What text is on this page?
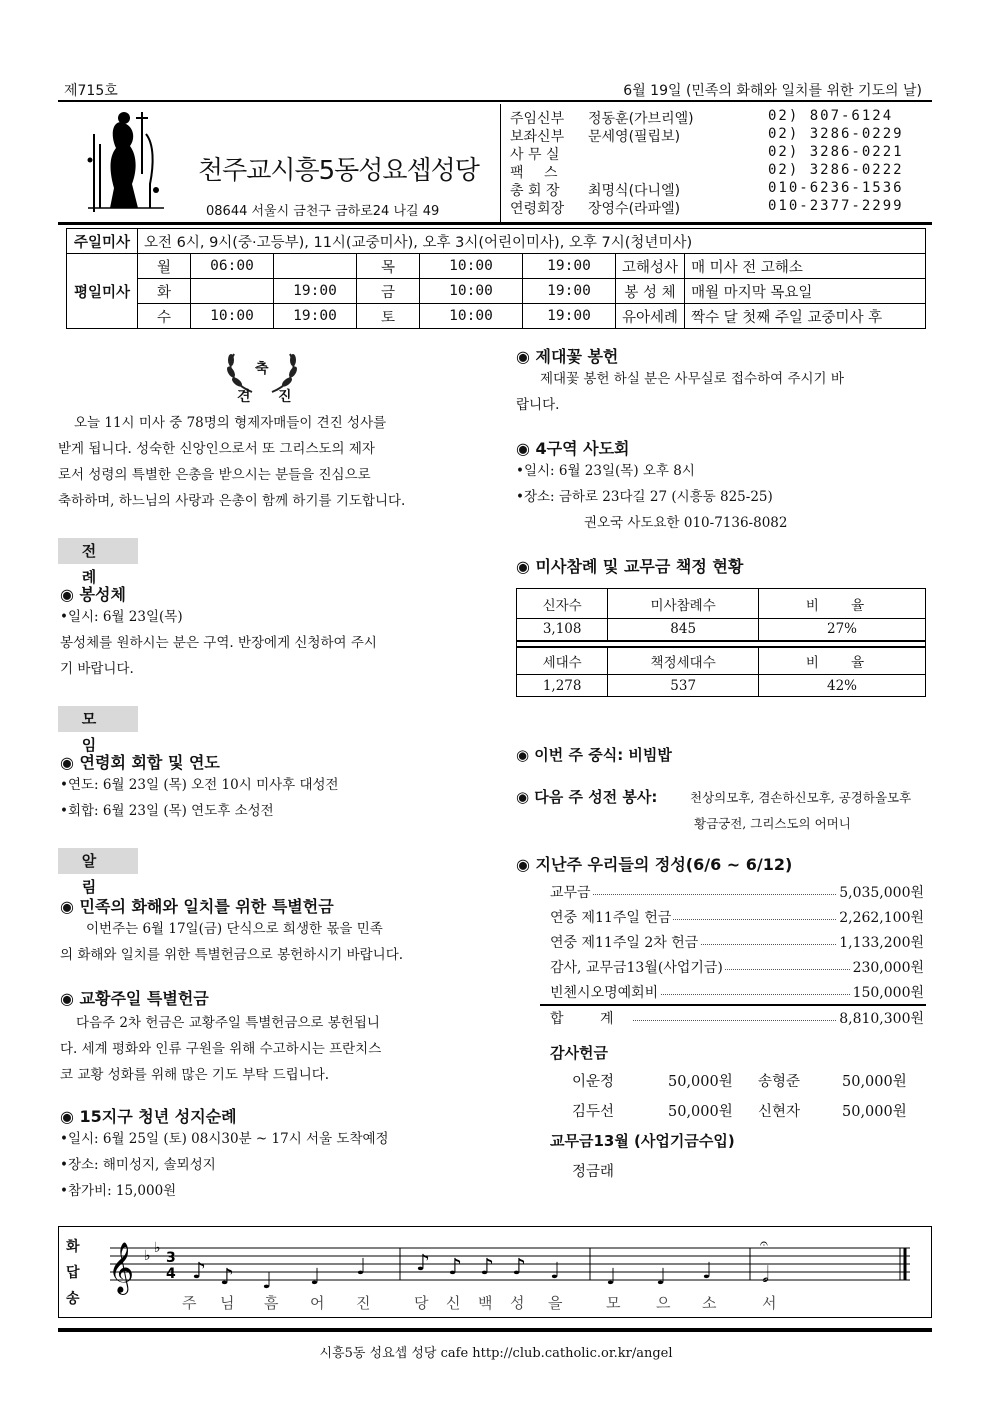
제715호	6월 19일 (민족의 화해와 일치를 위한 기도의 날)
천주교시흥5동성요셉성당
08644 서울시 금천구 금하로24 나길 49
주임신부 정동훈(가브리엘)	02) 807-6124
보좌신부 문세영(필립보)	02) 3286-0229
사 무 실	02) 3286-0221
팩 스	02) 3286-0222
총 회 장 최명식(다니엘)	010-6236-1536
연령회장 장영수(라파엘)	010-2377-2299
주일미사	오전 6시, 9시(중·고등부), 11시(교중미사), 오후 3시(어린이미사), 오후 7시(청년미사)							
평일미사	월	06:00		목	10:00	19:00	고해성사	매 미사 전 고해소
	화		19:00	금	10:00	19:00	봉 성 체	매월 마지막 목요일
	수	10:00	19:00	토	10:00	19:00	유아세례	짝수 달 첫째 주일 교중미사 후
축
견 진
오늘 11시 미사 중 78명의 형제자매들이 견진 성사를
받게 됩니다. 성숙한 신앙인으로서 또 그리스도의 제자
로서 성령의 특별한 은총을 받으시는 분들을 진심으로
축하하며, 하느님의 사랑과 은총이 함께 하기를 기도합니다.
전 례
◉ 봉성체
•일시: 6월 23일(목)
봉성체를 원하시는 분은 구역. 반장에게 신청하여 주시
기 바랍니다.
모 임
◉ 연령회 회합 및 연도
•연도: 6월 23일 (목) 오전 10시 미사후 대성전
•회합: 6월 23일 (목) 연도후 소성전
알 림
◉ 민족의 화해와 일치를 위한 특별헌금
이번주는 6월 17일(금) 단식으로 희생한 몫을 민족
의 화해와 일치를 위한 특별헌금으로 봉헌하시기 바랍니다.
◉ 교황주일 특별헌금
다음주 2차 헌금은 교황주일 특별헌금으로 봉헌됩니
다. 세계 평화와 인류 구원을 위해 수고하시는 프란치스
코 교황 성화를 위해 많은 기도 부탁 드립니다.
◉ 15지구 청년 성지순례
•일시: 6월 25일 (토) 08시30분 ~ 17시 서울 도착예정
•장소: 해미성지, 솔뫼성지
•참가비: 15,000원
◉ 제대꽃 봉헌
제대꽃 봉헌 하실 분은 사무실로 접수하여 주시기 바
랍니다.
◉ 4구역 사도회
•일시: 6월 23일(목) 오후 8시
•장소: 금하로 23다길 27 (시흥동 825-25)
권오국 사도요한 010-7136-8082
◉ 미사참례 및 교무금 책정 현황
신자수	미사참례수	비 율
3,108	845	27%

세대수	책정세대수	비 율
1,278	537	42%
◉ 이번 주 중식: 비빔밥
◉ 다음 주 성전 봉사:	천상의모후, 겸손하신모후, 공경하올모후
황금궁전, 그리스도의 어머니
◉ 지난주 우리들의 정성(6/6 ~ 6/12)
교무금	5,035,000원
연중 제11주일 헌금	2,262,100원
연중 제11주일 2차 헌금	1,133,200원
감사, 교무금13월(사업기금)	230,000원
빈첸시오명예회비	150,000원
합 계	8,810,300원
감사헌금
이운정	50,000원 송형준	50,000원
김두선	50,000원 신현자	50,000원
교무금13월 (사업기금수입)
정금래
화
답
송
𝄞 ♭ ♭
3
4 ♪ ♪ ♩ ♩ ♩ ♪ ♪ ♪ ♪ ♩ ♩ ♩ ♩
𝄐
𝅗𝅥
주 님 흠 어 진	당 신 백 성 을	모 으 소	서
시흥5동 성요셉 성당 cafe http://club.catholic.or.kr/angel
